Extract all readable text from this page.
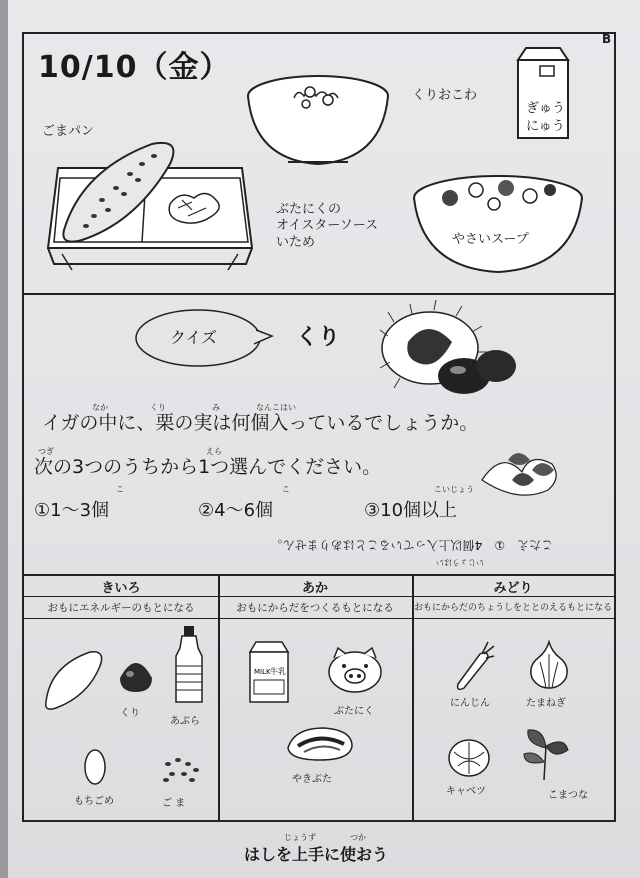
B
10/10（金）
くりおこわ
ぎゅう
にゅう
ごまパン
ぶたにくの
オイスターソース
いため	やさいスープ
クイズ	くり
なか	くり	み	なんこはい
イガの中に、栗の実は何個入っているでしょうか。
つぎ	えら
次の3つのうちから1つ選んでください。
こ	こ	こいじょう
①1～3個	②4～6個	③10個以上
こたえ　①　4個以上入っていることはありません。
いじょうはい
きいろ	あか	みどり
おもにエネルギーのもとになる	おもにからだをつくるもとになる	おもにからだのちょうしをととのえるもとになる
くり
あぶら
もちごめ	ご ま
MILK 牛乳
ぶたにく
やきぶた
にんじん	たまねぎ
キャベツ	こまつな
じょうず	つか
はしを上手に使おう
